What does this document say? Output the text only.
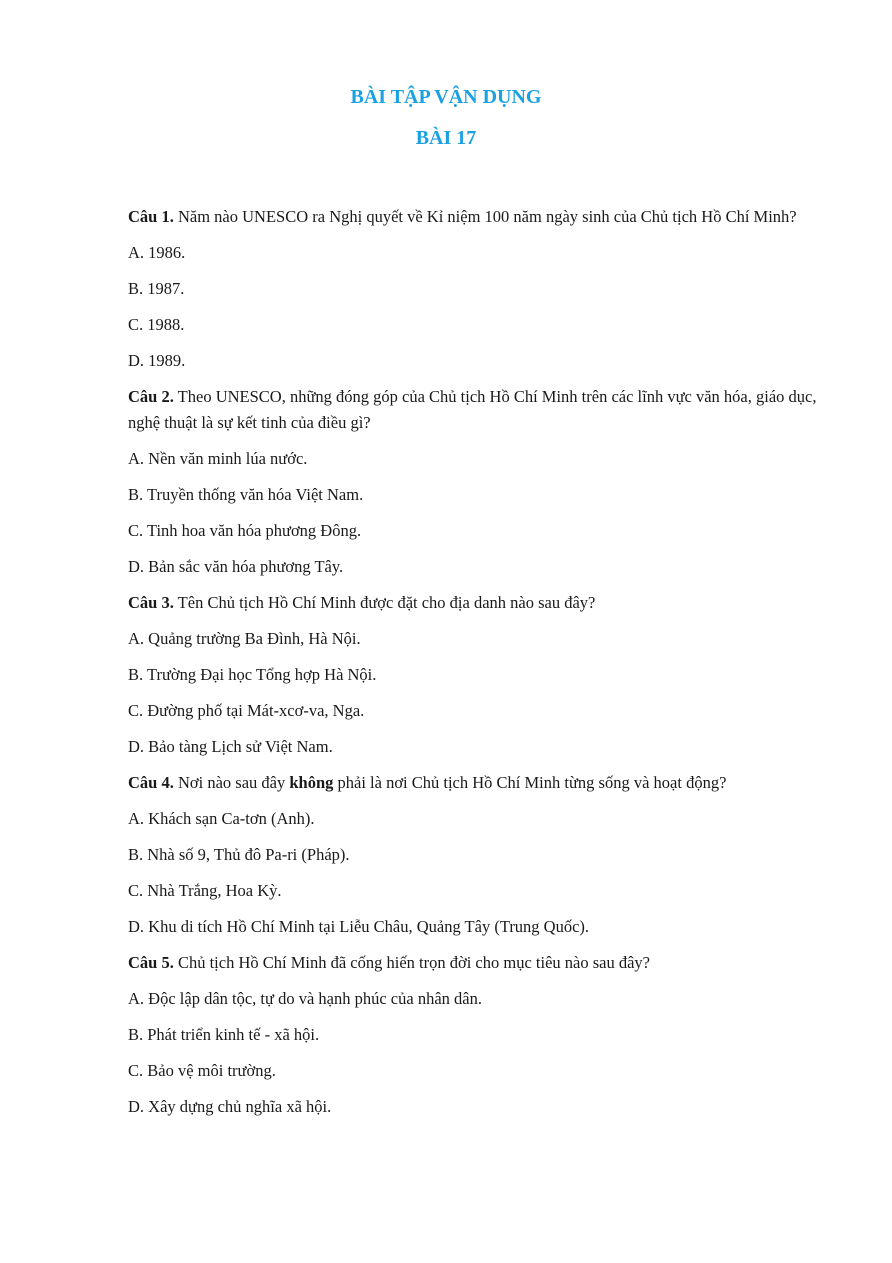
BÀI TẬP VẬN DỤNG
BÀI 17

Câu 1. Năm nào UNESCO ra Nghị quyết về Kỉ niệm 100 năm ngày sinh của Chủ tịch Hồ Chí Minh?

A. 1986.

B. 1987.

C. 1988.

D. 1989.

Câu 2. Theo UNESCO, những đóng góp của Chủ tịch Hồ Chí Minh trên các lĩnh vực văn hóa, giáo dục, nghệ thuật là sự kết tinh của điều gì?

A. Nền văn minh lúa nước.

B. Truyền thống văn hóa Việt Nam.

C. Tinh hoa văn hóa phương Đông.

D. Bản sắc văn hóa phương Tây.

Câu 3. Tên Chủ tịch Hồ Chí Minh được đặt cho địa danh nào sau đây?

A. Quảng trường Ba Đình, Hà Nội.

B. Trường Đại học Tổng hợp Hà Nội.

C. Đường phố tại Mát-xcơ-va, Nga.

D. Bảo tàng Lịch sử Việt Nam.

Câu 4. Nơi nào sau đây không phải là nơi Chủ tịch Hồ Chí Minh từng sống và hoạt động?

A. Khách sạn Ca-tơn (Anh).

B. Nhà số 9, Thủ đô Pa-ri (Pháp).

C. Nhà Trắng, Hoa Kỳ.

D. Khu di tích Hồ Chí Minh tại Liễu Châu, Quảng Tây (Trung Quốc).

Câu 5. Chủ tịch Hồ Chí Minh đã cống hiến trọn đời cho mục tiêu nào sau đây?

A. Độc lập dân tộc, tự do và hạnh phúc của nhân dân.

B. Phát triển kinh tế - xã hội.

C. Bảo vệ môi trường.

D. Xây dựng chủ nghĩa xã hội.
